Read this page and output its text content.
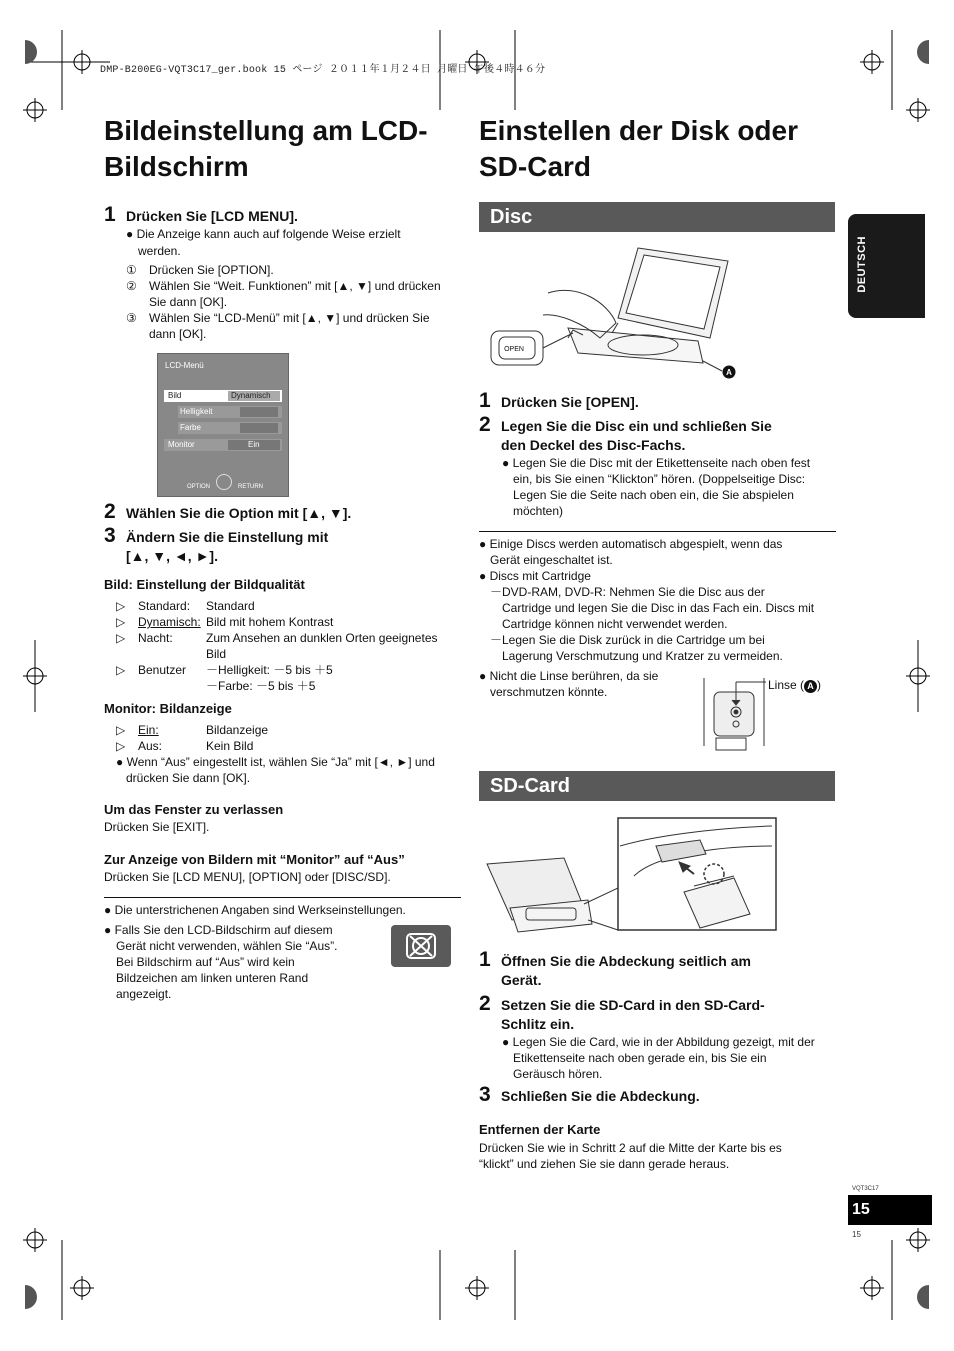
DMP-B200EG-VQT3C17_ger.book 15 ページ ２０１１年１月２４日 月曜日 午後４時４６分
Bildeinstellung am LCD-
Bildschirm
1 Drücken Sie [LCD MENU].
● Die Anzeige kann auch auf folgende Weise erzielt
werden.
① Drücken Sie [OPTION].
② Wählen Sie “Weit. Funktionen” mit [▲, ▼] und drücken
Sie dann [OK].
③ Wählen Sie “LCD-Menü” mit [▲, ▼] und drücken Sie
dann [OK].
LCD-Menü
Bild	Dynamisch
Helligkeit
Farbe
Monitor	Ein
OPTION	RETURN
2 Wählen Sie die Option mit [▲, ▼].
3 Ändern Sie die Einstellung mit
[▲, ▼, ◄, ►].
Bild: Einstellung der Bildqualität
▷ Standard: Standard
▷ Dynamisch: Bild mit hohem Kontrast
▷ Nacht:	Zum Ansehen an dunklen Orten geeignetes
Bild
▷ Benutzer －Helligkeit: －5 bis ＋5
－Farbe: －5 bis ＋5
Monitor: Bildanzeige
▷ Ein:	Bildanzeige
▷ Aus:	Kein Bild
● Wenn “Aus” eingestellt ist, wählen Sie “Ja” mit [◄, ►] und
drücken Sie dann [OK].
Um das Fenster zu verlassen
Drücken Sie [EXIT].
Zur Anzeige von Bildern mit “Monitor” auf “Aus”
Drücken Sie [LCD MENU], [OPTION] oder [DISC/SD].
● Die unterstrichenen Angaben sind Werkseinstellungen.
● Falls Sie den LCD-Bildschirm auf diesem
Gerät nicht verwenden, wählen Sie “Aus”.
Bei Bildschirm auf “Aus” wird kein
Bildzeichen am linken unteren Rand
angezeigt.
Einstellen der Disk oder
SD-Card
Disc
OPEN
A
1 Drücken Sie [OPEN].
2 Legen Sie die Disc ein und schließen Sie
den Deckel des Disc-Fachs.
● Legen Sie die Disc mit der Etikettenseite nach oben fest
ein, bis Sie einen “Klickton” hören. (Doppelseitige Disc:
Legen Sie die Seite nach oben ein, die Sie abspielen
möchten)
● Einige Discs werden automatisch abgespielt, wenn das
Gerät eingeschaltet ist.
● Discs mit Cartridge
－DVD-RAM, DVD-R: Nehmen Sie die Disc aus der
Cartridge und legen Sie die Disc in das Fach ein. Discs mit
Cartridge können nicht verwendet werden.
－Legen Sie die Disk zurück in die Cartridge um bei
Lagerung Verschmutzung und Kratzer zu vermeiden.
● Nicht die Linse berühren, da sie
verschmutzen könnte.	Linse ( A )
SD-Card
1 Öffnen Sie die Abdeckung seitlich am
Gerät.
2 Setzen Sie die SD-Card in den SD-Card-
Schlitz ein.
● Legen Sie die Card, wie in der Abbildung gezeigt, mit der
Etikettenseite nach oben gerade ein, bis Sie ein
Geräusch hören.
3 Schließen Sie die Abdeckung.
Entfernen der Karte
Drücken Sie wie in Schritt 2 auf die Mitte der Karte bis es
“klickt” und ziehen Sie sie dann gerade heraus.
DEUTSCH
VQT3C17
15
15
